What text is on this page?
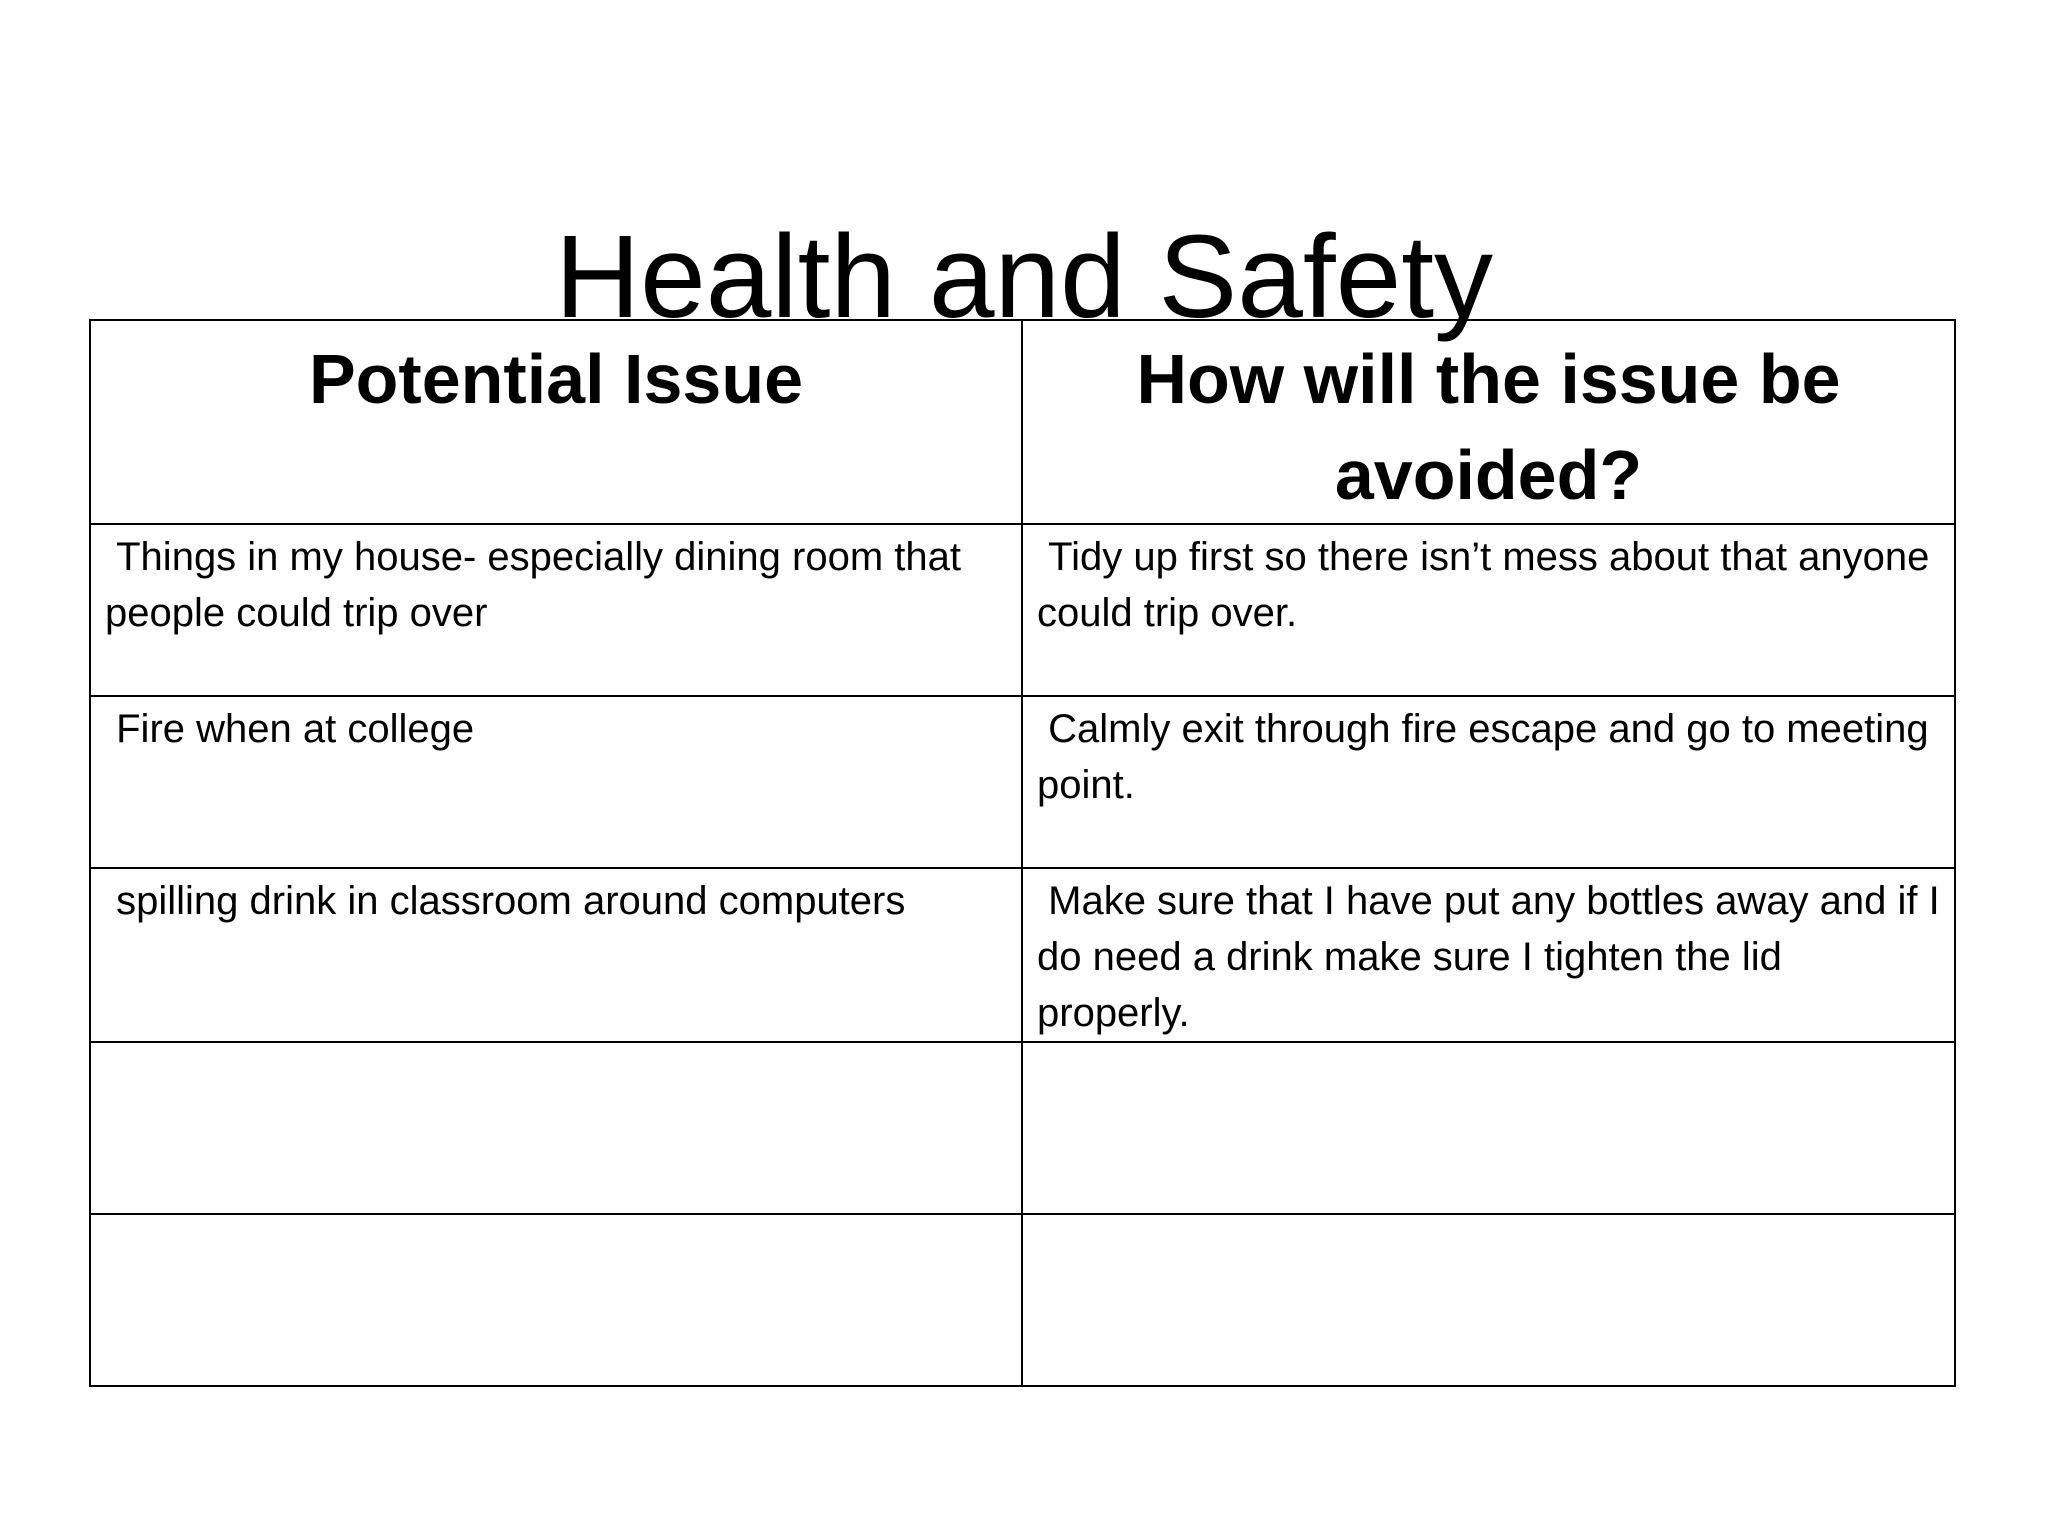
Health and Safety
Potential Issue	How will the issue be avoided?

Things in my house- especially dining room that people could trip over	Tidy up first so there isn’t mess about that anyone could trip over.

Fire when at college	Calmly exit through fire escape and go to meeting point.

spilling drink in classroom around computers	Make sure that I have put any bottles away and if I do need a drink make sure I tighten the lid properly.
